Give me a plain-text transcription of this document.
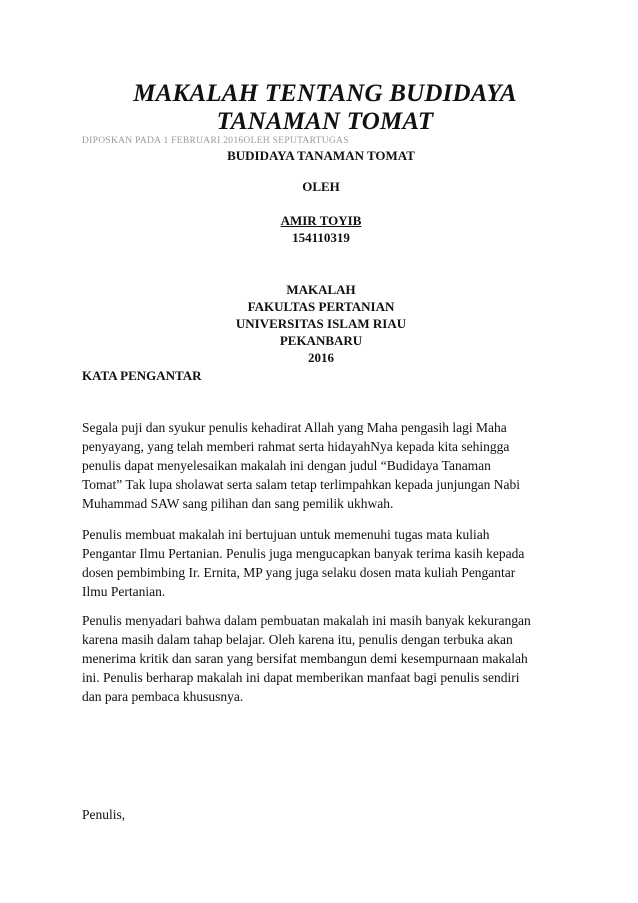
MAKALAH TENTANG BUDIDAYA
TANAMAN TOMAT
DIPOSKAN PADA 1 FEBRUARI 2016OLEH SEPUTARTUGAS
BUDIDAYA TANAMAN TOMAT
OLEH
AMIR TOYIB
154110319
MAKALAH
FAKULTAS PERTANIAN
UNIVERSITAS ISLAM RIAU
PEKANBARU
2016
KATA PENGANTAR
Segala puji dan syukur penulis kehadirat Allah yang Maha pengasih lagi Maha
penyayang, yang telah memberi rahmat serta hidayahNya kepada kita sehingga
penulis dapat menyelesaikan makalah ini dengan judul “Budidaya Tanaman
Tomat” Tak lupa sholawat serta salam tetap terlimpahkan kepada junjungan Nabi
Muhammad SAW sang pilihan dan sang pemilik ukhwah.
Penulis membuat makalah ini bertujuan untuk memenuhi tugas mata kuliah
Pengantar Ilmu Pertanian. Penulis juga mengucapkan banyak terima kasih kepada
dosen pembimbing Ir. Ernita, MP yang juga selaku dosen mata kuliah Pengantar
Ilmu Pertanian.
Penulis menyadari bahwa dalam pembuatan makalah ini masih banyak kekurangan
karena masih dalam tahap belajar. Oleh karena itu, penulis dengan terbuka akan
menerima kritik dan saran yang bersifat membangun demi kesempurnaan makalah
ini. Penulis berharap makalah ini dapat memberikan manfaat bagi penulis sendiri
dan para pembaca khususnya.
Penulis,
